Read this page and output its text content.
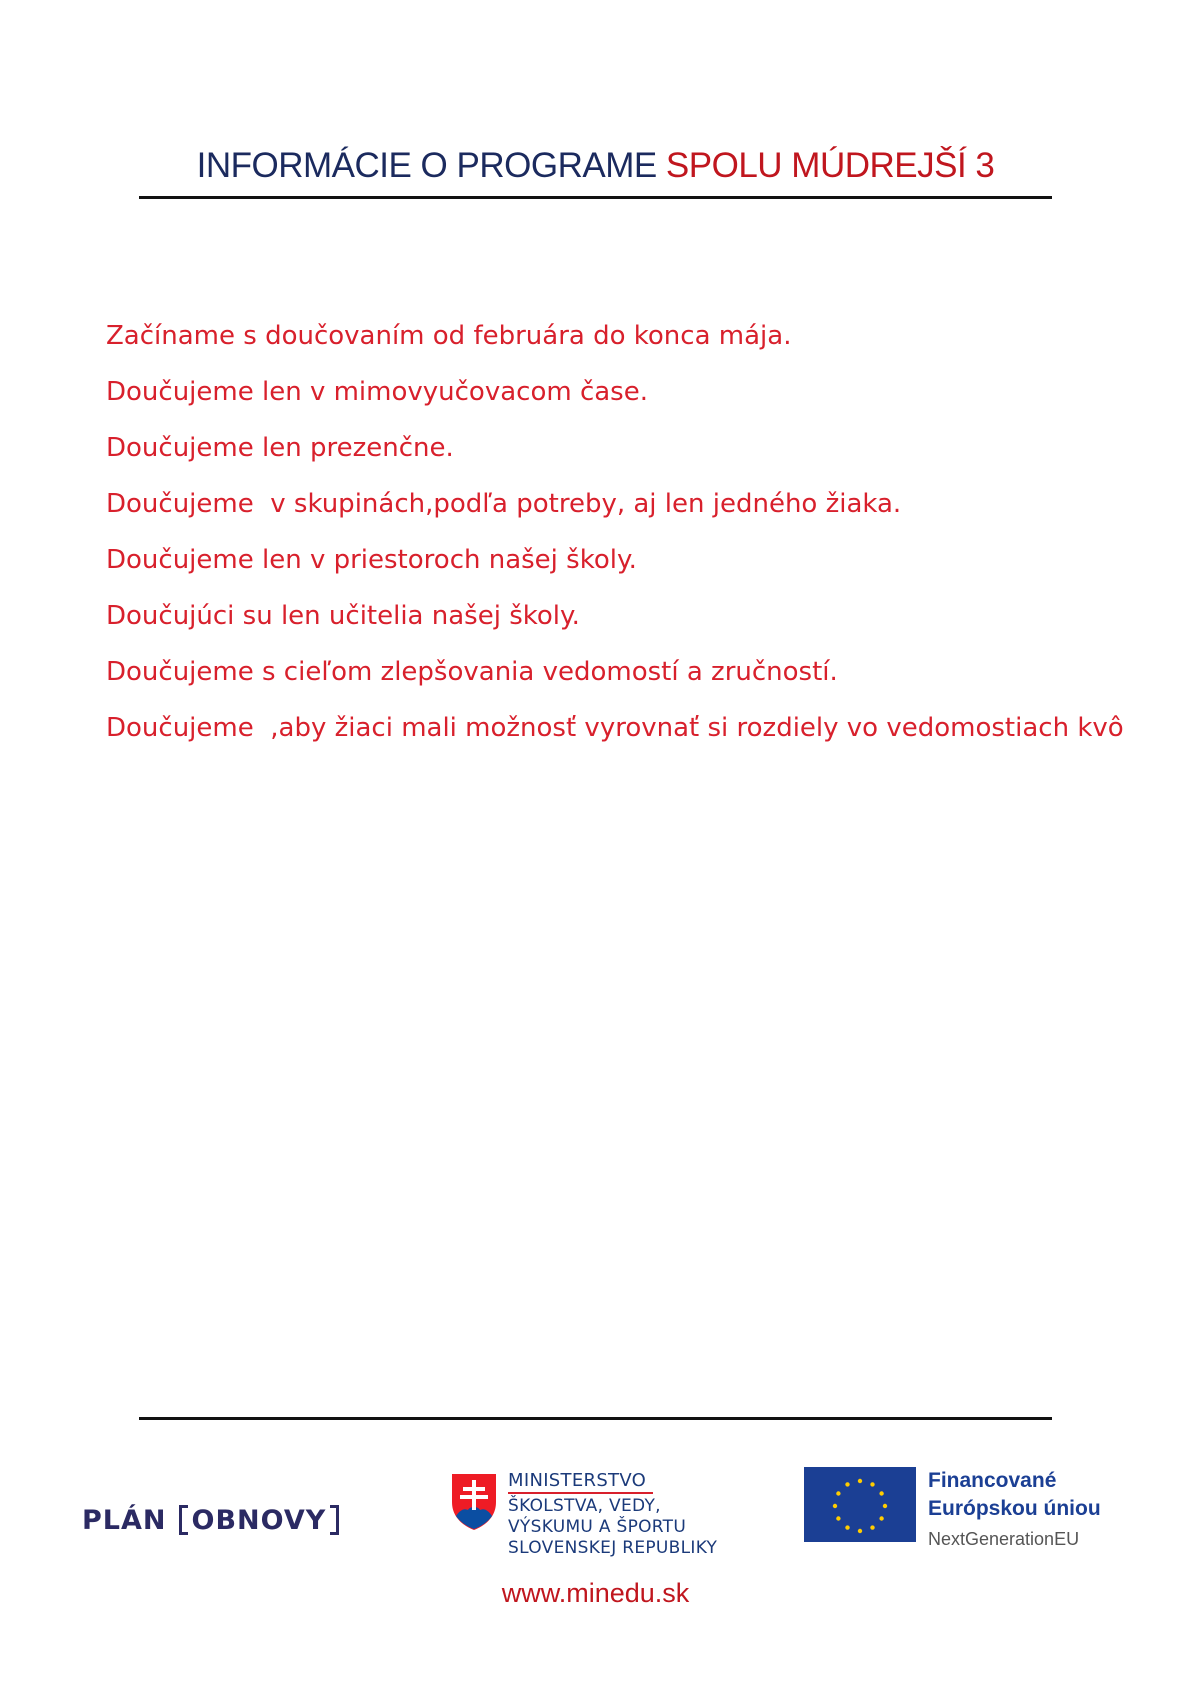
INFORMÁCIE O PROGRAME SPOLU MÚDREJŠÍ 3
Začíname s doučovaním od februára do konca mája.
Doučujeme len v mimovyučovacom čase.
Doučujeme len prezenčne.
Doučujeme  v skupinách,podľa potreby, aj len jedného žiaka.
Doučujeme len v priestoroch našej školy.
Doučujúci su len učitelia našej školy.
Doučujeme s cieľom zlepšovania vedomostí a zručností.
Doučujeme  ,aby žiaci mali možnosť vyrovnať si rozdiely vo vedomostiach kvô
PLÁN OBNOVY
MINISTERSTVO
ŠKOLSTVA, VEDY,
VÝSKUMU A ŠPORTU
SLOVENSKEJ REPUBLIKY
Financované
Európskou úniou
NextGenerationEU
www.minedu.sk
